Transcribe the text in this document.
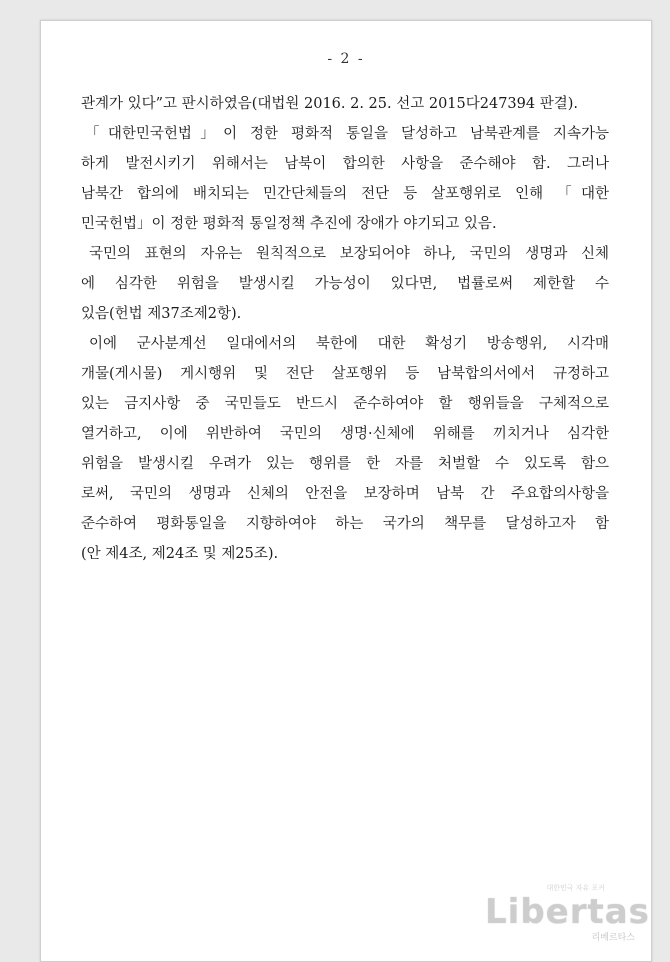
- 2 -
관계가 있다”고 판시하였음(대법원 2016. 2. 25. 선고 2015다247394 판결).
「대한민국헌법」이 정한 평화적 통일을 달성하고 남북관계를 지속가능
하게 발전시키기 위해서는 남북이 합의한 사항을 준수해야 함. 그러나
남북간 합의에 배치되는 민간단체들의 전단 등 살포행위로 인해 「대한
민국헌법」이 정한 평화적 통일정책 추진에 장애가 야기되고 있음.
국민의 표현의 자유는 원칙적으로 보장되어야 하나, 국민의 생명과 신체
에 심각한 위험을 발생시킬 가능성이 있다면, 법률로써 제한할 수
있음(헌법 제37조제2항).
이에 군사분계선 일대에서의 북한에 대한 확성기 방송행위, 시각매
개물(게시물) 게시행위 및 전단 살포행위 등 남북합의서에서 규정하고
있는 금지사항 중 국민들도 반드시 준수하여야 할 행위들을 구체적으로
열거하고, 이에 위반하여 국민의 생명·신체에 위해를 끼치거나 심각한
위험을 발생시킬 우려가 있는 행위를 한 자를 처벌할 수 있도록 함으
로써, 국민의 생명과 신체의 안전을 보장하며 남북 간 주요합의사항을
준수하여 평화통일을 지향하여야 하는 국가의 책무를 달성하고자 함
(안 제4조, 제24조 및 제25조).
대한민국 자유 포커
Libertas
리베르타스
